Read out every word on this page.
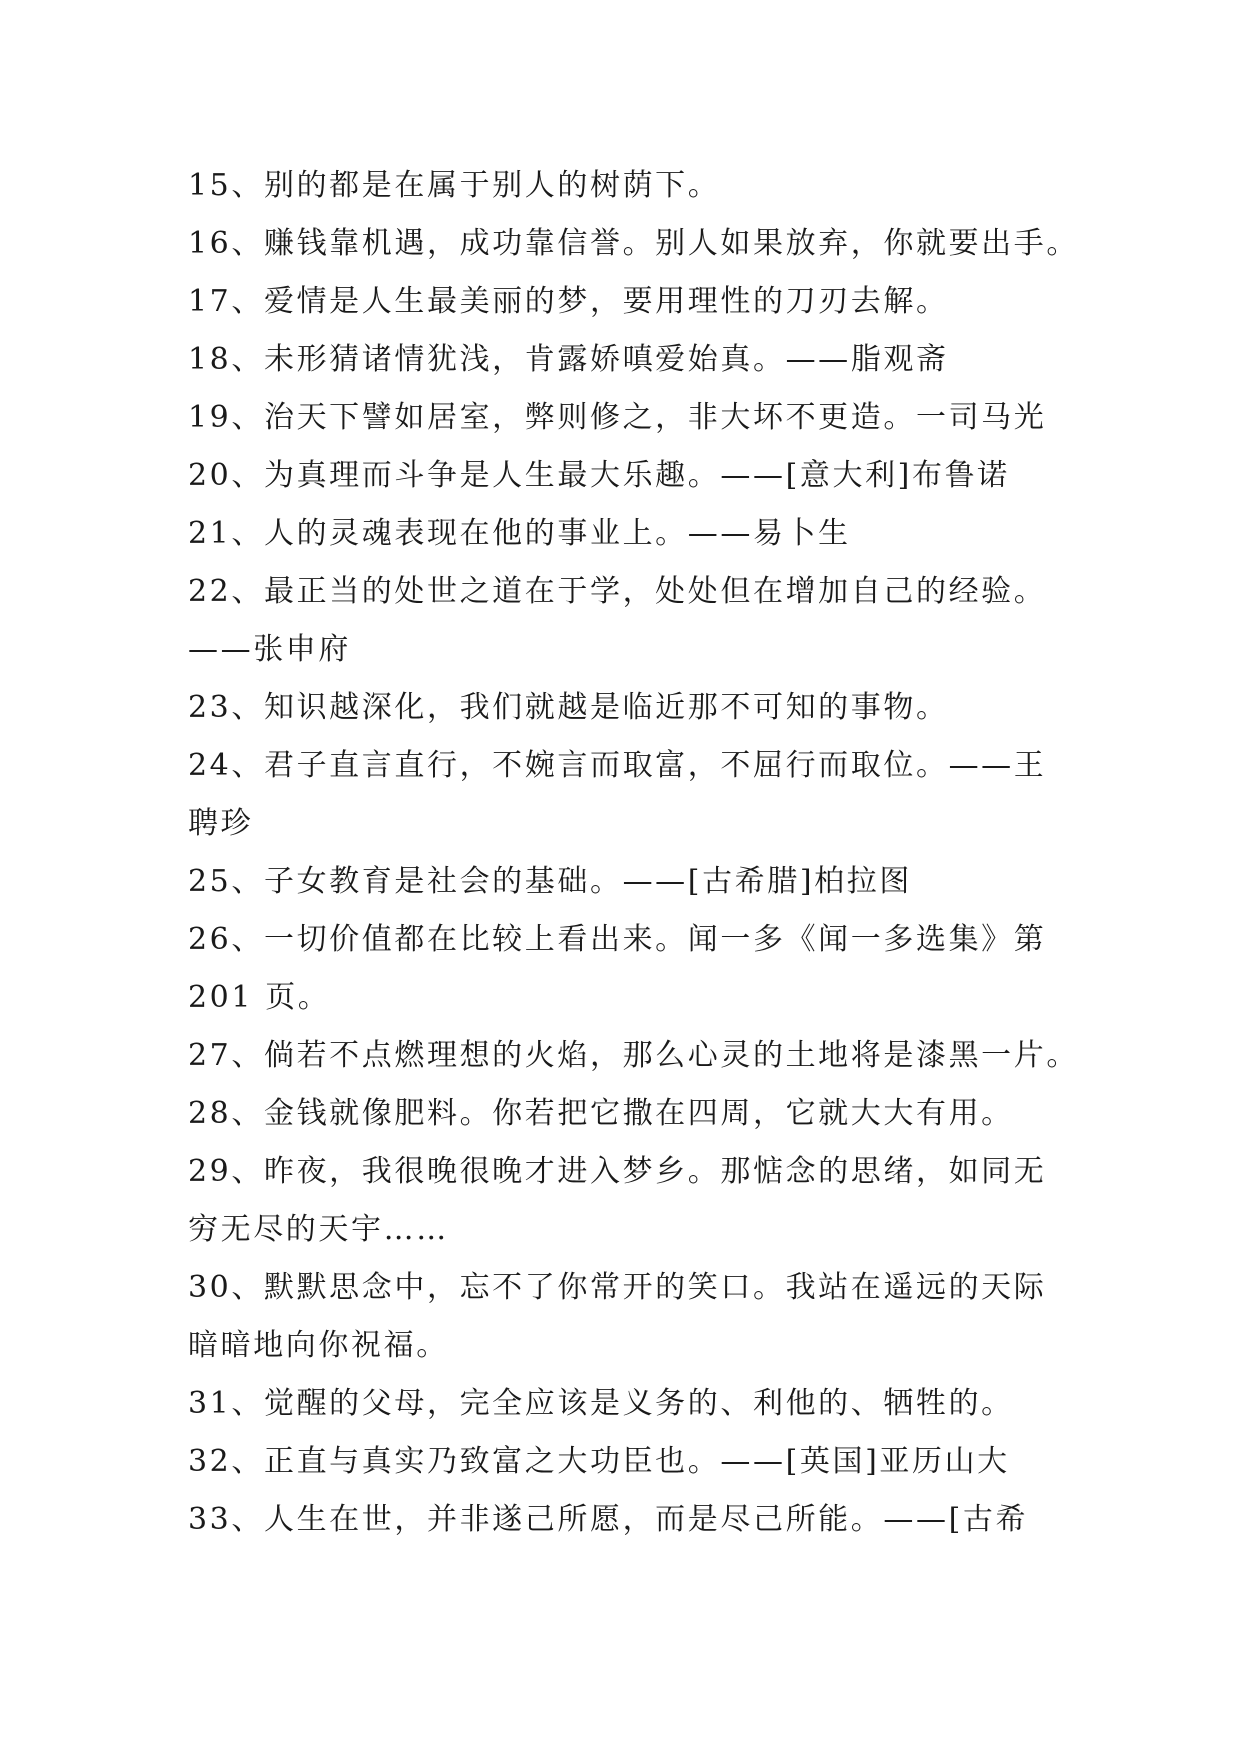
15、别的都是在属于别人的树荫下。
16、赚钱靠机遇，成功靠信誉。别人如果放弃，你就要出手。
17、爱情是人生最美丽的梦，要用理性的刀刃去解。
18、未形猜诸情犹浅，肯露娇嗔爱始真。——脂观斋
19、治天下譬如居室，弊则修之，非大坏不更造。一司马光
20、为真理而斗争是人生最大乐趣。——[意大利]布鲁诺
21、人的灵魂表现在他的事业上。——易卜生
22、最正当的处世之道在于学，处处但在增加自己的经验。
——张申府
23、知识越深化，我们就越是临近那不可知的事物。
24、君子直言直行，不婉言而取富，不屈行而取位。——王
聘珍
25、子女教育是社会的基础。——[古希腊]柏拉图
26、一切价值都在比较上看出来。闻一多《闻一多选集》第
201 页。
27、倘若不点燃理想的火焰，那么心灵的土地将是漆黑一片。
28、金钱就像肥料。你若把它撒在四周，它就大大有用。
29、昨夜，我很晚很晚才进入梦乡。那惦念的思绪，如同无
穷无尽的天宇……
30、默默思念中，忘不了你常开的笑口。我站在遥远的天际
暗暗地向你祝福。
31、觉醒的父母，完全应该是义务的、利他的、牺牲的。
32、正直与真实乃致富之大功臣也。——[英国]亚历山大
33、人生在世，并非遂己所愿，而是尽己所能。——[古希
